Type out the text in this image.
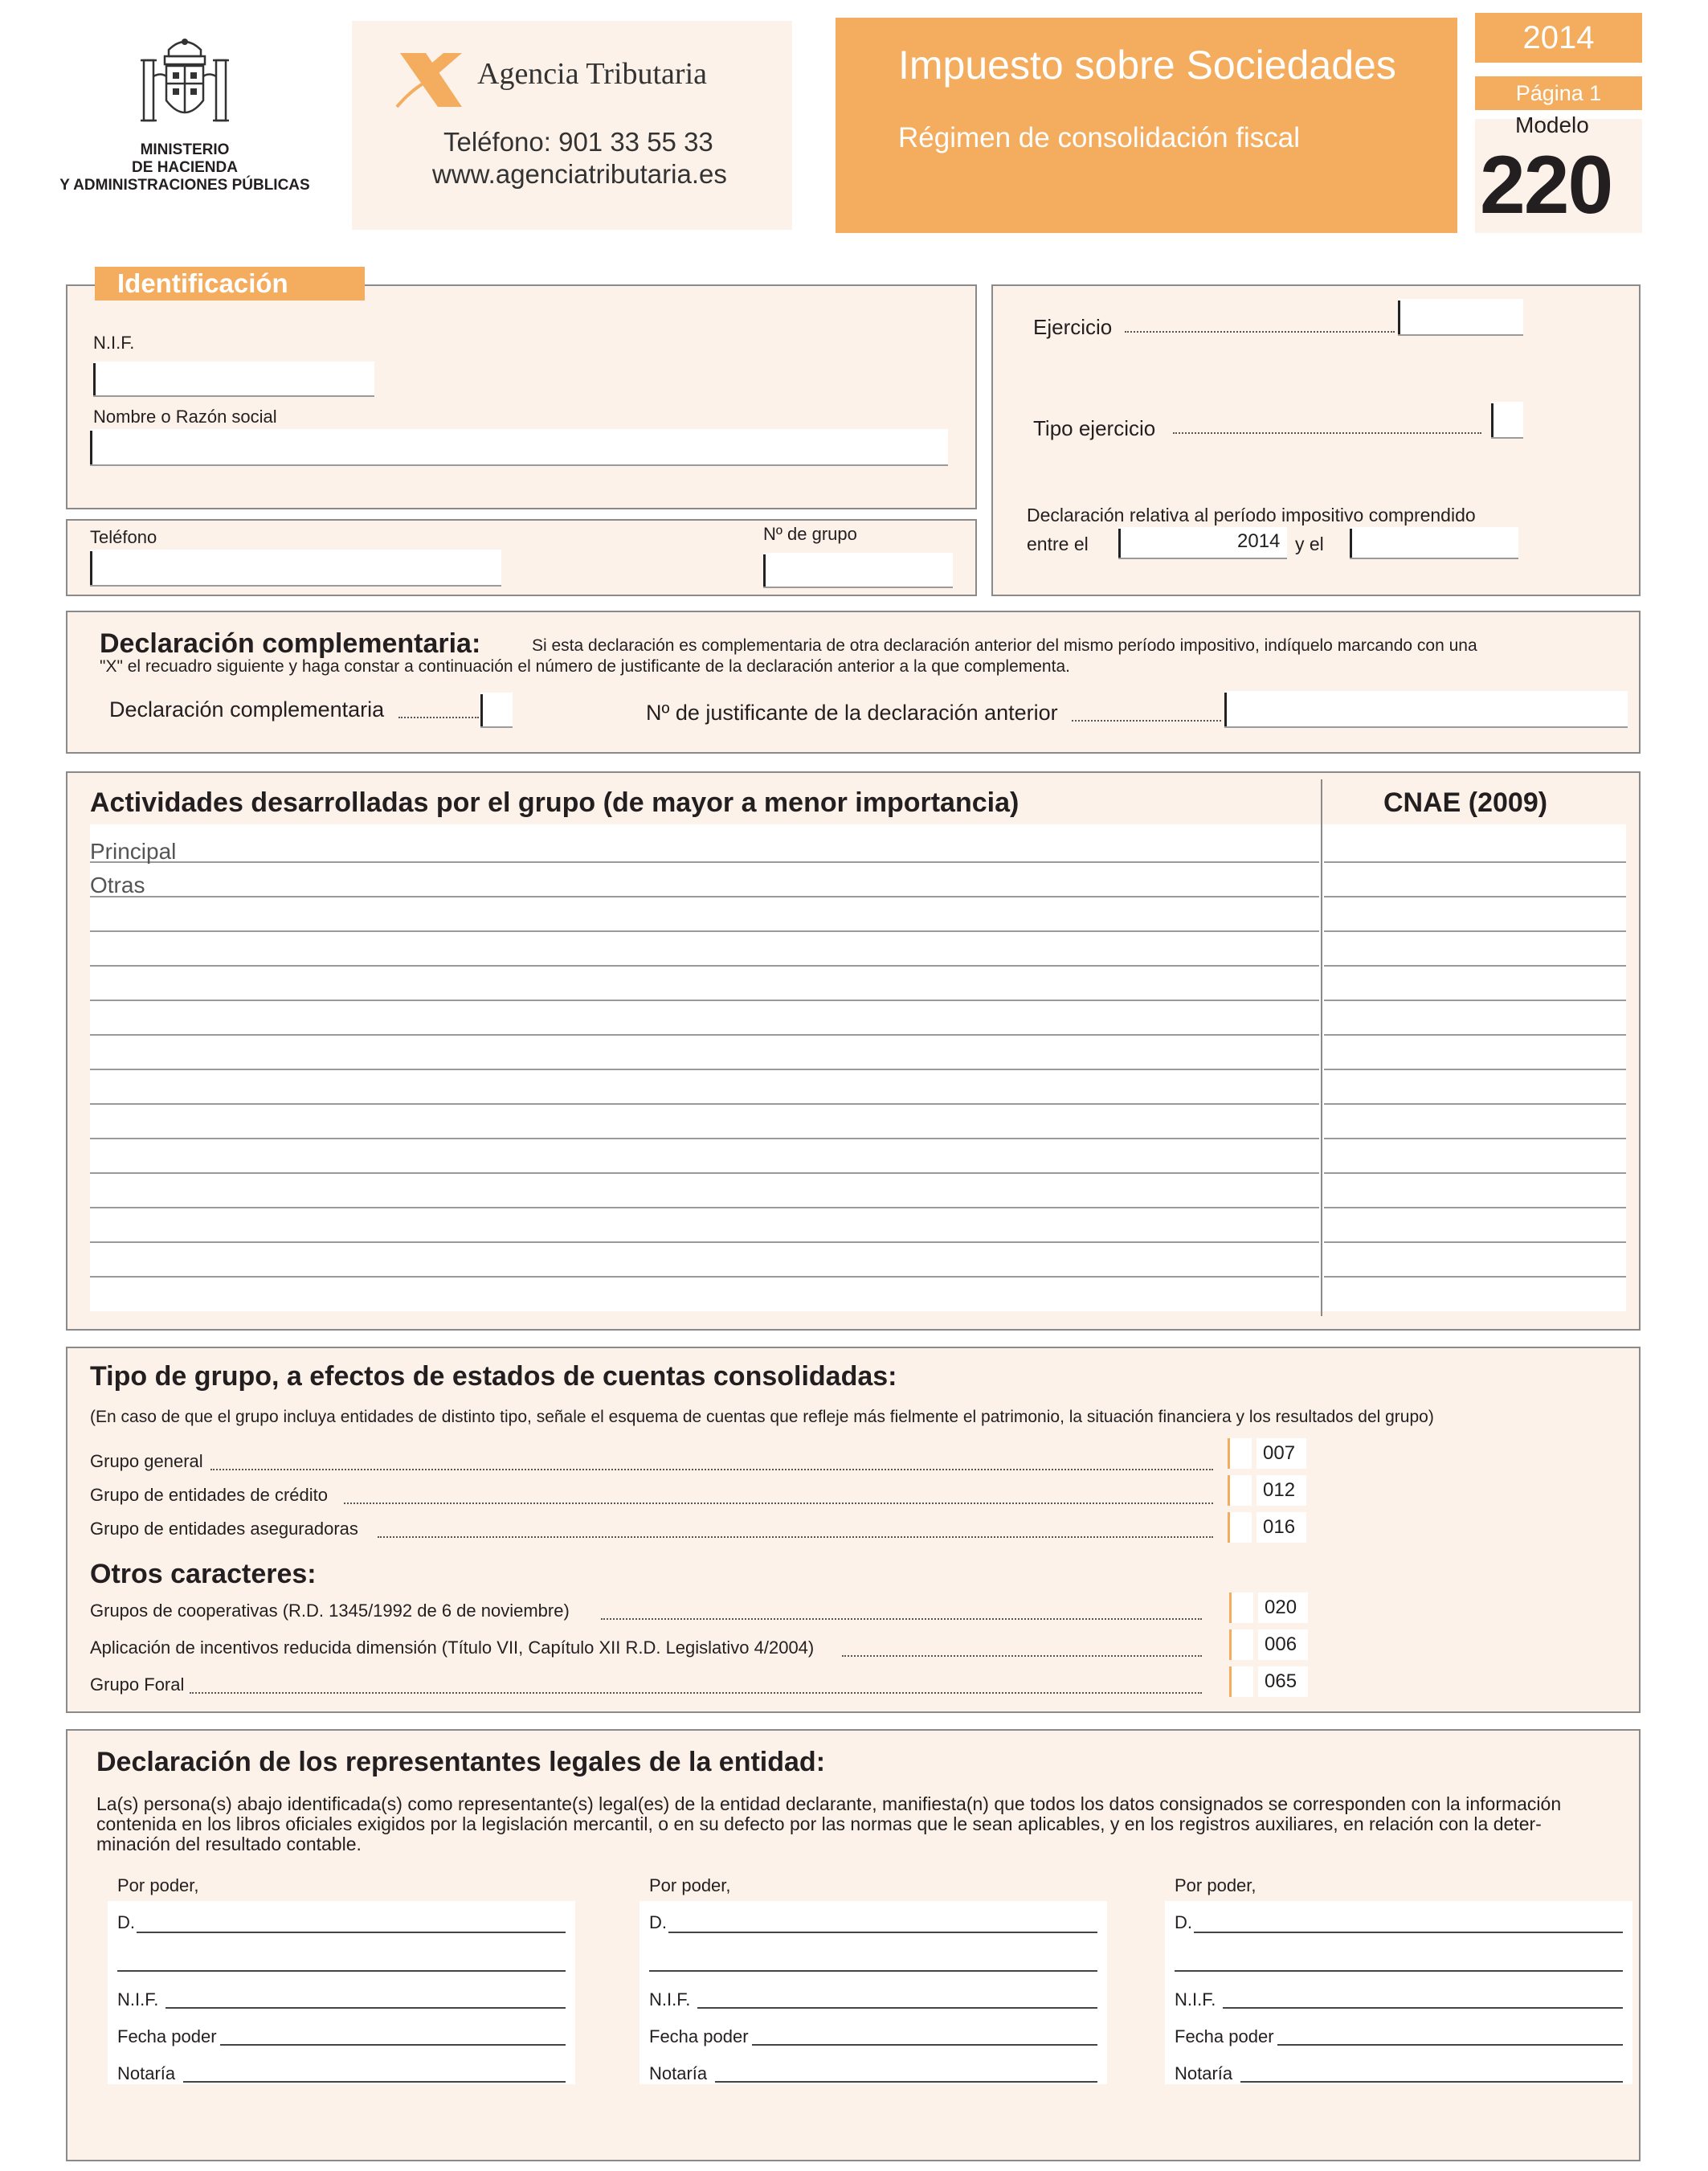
MINISTERIO
DE HACIENDA
Y ADMINISTRACIONES PÚBLICAS
Agencia Tributaria
Teléfono: 901 33 55 33
www.agenciatributaria.es
Impuesto sobre Sociedades
Régimen de consolidación fiscal
2014
Página 1
Modelo
220
Identificación
N.I.F.
Nombre o Razón social
Teléfono	Nº de grupo
Ejercicio
Tipo ejercicio
Declaración relativa al período impositivo comprendido
entre el	2014 y el
Declaración complementaria:	Si esta declaración es complementaria de otra declaración anterior del mismo período impositivo, indíquelo marcando con una
"X" el recuadro siguiente y haga constar a continuación el número de justificante de la declaración anterior a la que complementa.
Declaración complementaria	Nº de justificante de la declaración anterior
Actividades desarrolladas por el grupo (de mayor a menor importancia)	CNAE (2009)
Principal
Otras
Tipo de grupo, a efectos de estados de cuentas consolidadas:
(En caso de que el grupo incluya entidades de distinto tipo, señale el esquema de cuentas que refleje más fielmente el patrimonio, la situación financiera y los resultados del grupo)
Grupo general	007
Grupo de entidades de crédito	012
Grupo de entidades aseguradoras	016
Otros caracteres:
Grupos de cooperativas (R.D. 1345/1992 de 6 de noviembre)	020
Aplicación de incentivos reducida dimensión (Título VII, Capítulo XII R.D. Legislativo 4/2004)	006
Grupo Foral	065
Declaración de los representantes legales de la entidad:
La(s) persona(s) abajo identificada(s) como representante(s) legal(es) de la entidad declarante, manifiesta(n) que todos los datos consignados se corresponden con la información
contenida en los libros oficiales exigidos por la legislación mercantil, o en su defecto por las normas que le sean aplicables, y en los registros auxiliares, en relación con la deter-
minación del resultado contable.
Por poder,
D.
N.I.F.
Fecha poder
Notaría
Por poder,
D.
N.I.F.
Fecha poder
Notaría
Por poder,
D.
N.I.F.
Fecha poder
Notaría
